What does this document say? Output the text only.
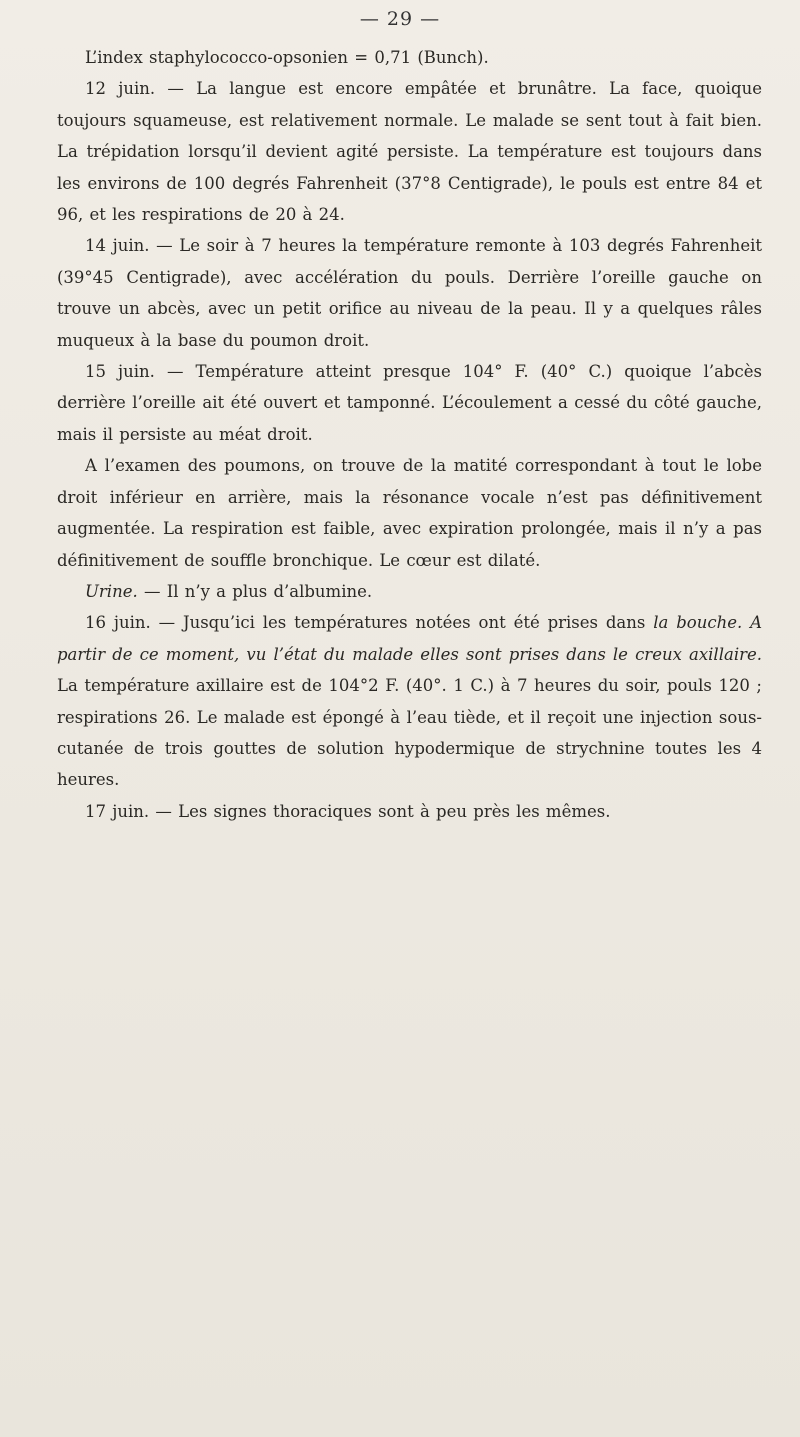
— 29 —

L’index staphylococco-opsonien = 0,71 (Bunch).

12 juin. — La langue est encore empâtée et brunâtre. La face, quoique toujours squameuse, est relativement normale. Le malade se sent tout à fait bien. La trépidation lorsqu’il devient agité persiste. La température est toujours dans les environs de 100 degrés Fahrenheit (37°8 Centigrade), le pouls est entre 84 et 96, et les respirations de 20 à 24.

14 juin. — Le soir à 7 heures la température remonte à 103 degrés Fahrenheit (39°45 Centigrade), avec accélération du pouls. Derrière l’oreille gauche on trouve un abcès, avec un petit orifice au niveau de la peau. Il y a quelques râles muqueux à la base du poumon droit.

15 juin. — Température atteint presque 104° F. (40° C.) quoique l’abcès derrière l’oreille ait été ouvert et tamponné. L’écoulement a cessé du côté gauche, mais il persiste au méat droit.

A l’examen des poumons, on trouve de la matité correspondant à tout le lobe droit inférieur en arrière, mais la résonance vocale n’est pas définitivement augmentée. La respiration est faible, avec expiration prolongée, mais il n’y a pas définitivement de souffle bronchique. Le cœur est dilaté.

Urine. — Il n’y a plus d’albumine.

16 juin. — Jusqu’ici les températures notées ont été prises dans la bouche. A partir de ce moment, vu l’état du malade elles sont prises dans le creux axillaire. La température axillaire est de 104°2 F. (40°. 1 C.) à 7 heures du soir, pouls 120 ; respirations 26. Le malade est épongé à l’eau tiède, et il reçoit une injection sous-cutanée de trois gouttes de solution hypodermique de strychnine toutes les 4 heures.

17 juin. — Les signes thoraciques sont à peu près les mêmes.
